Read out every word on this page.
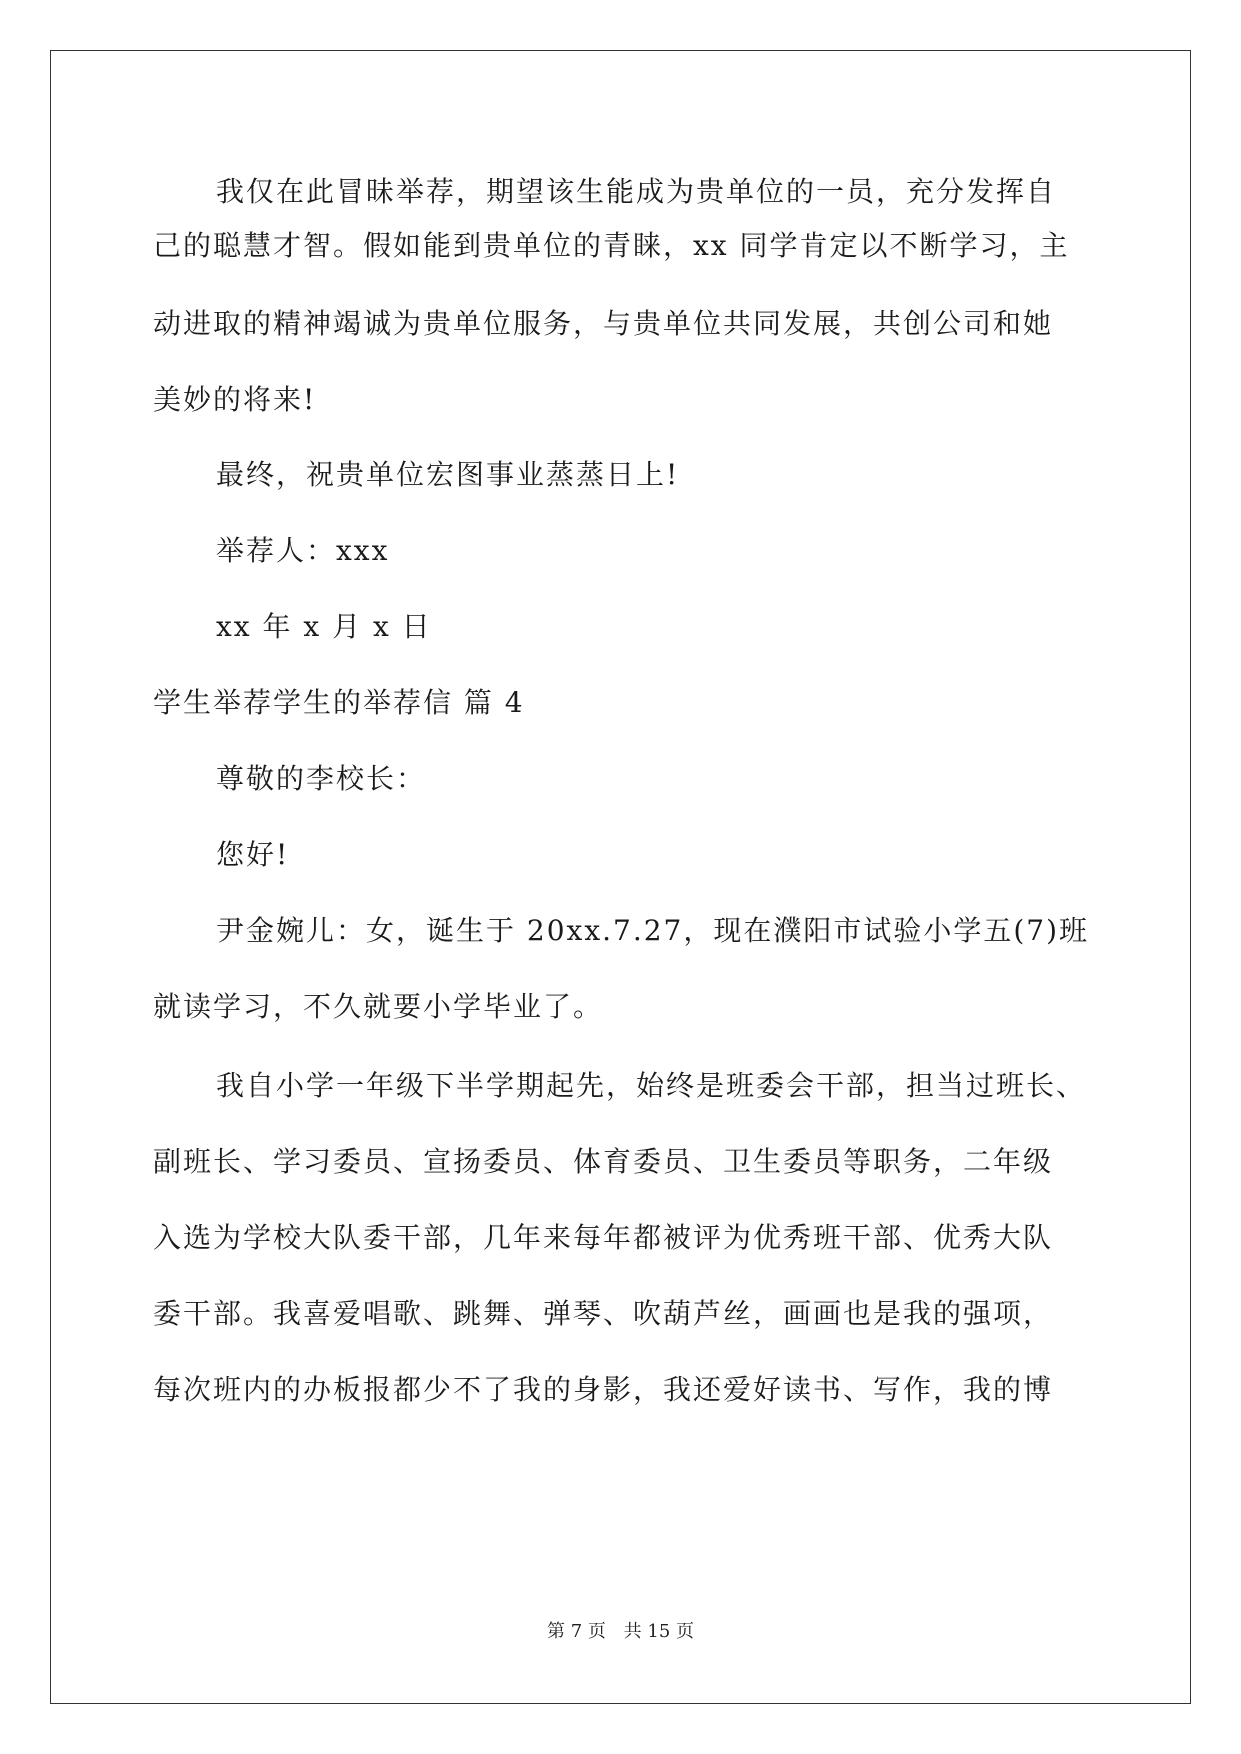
我仅在此冒昧举荐，期望该生能成为贵单位的一员，充分发挥自
己的聪慧才智。假如能到贵单位的青睐，xx 同学肯定以不断学习，主
动进取的精神竭诚为贵单位服务，与贵单位共同发展，共创公司和她
美妙的将来!
最终，祝贵单位宏图事业蒸蒸日上!
举荐人：xxx
xx 年 x 月 x 日
学生举荐学生的举荐信 篇 4
尊敬的李校长：
您好!
尹金婉儿：女，诞生于 20xx.7.27，现在濮阳市试验小学五(7)班
就读学习，不久就要小学毕业了。
我自小学一年级下半学期起先，始终是班委会干部，担当过班长、
副班长、学习委员、宣扬委员、体育委员、卫生委员等职务，二年级
入选为学校大队委干部，几年来每年都被评为优秀班干部、优秀大队
委干部。我喜爱唱歌、跳舞、弹琴、吹葫芦丝，画画也是我的强项，
每次班内的办板报都少不了我的身影，我还爱好读书、写作，我的博
第 7 页 共 15 页
